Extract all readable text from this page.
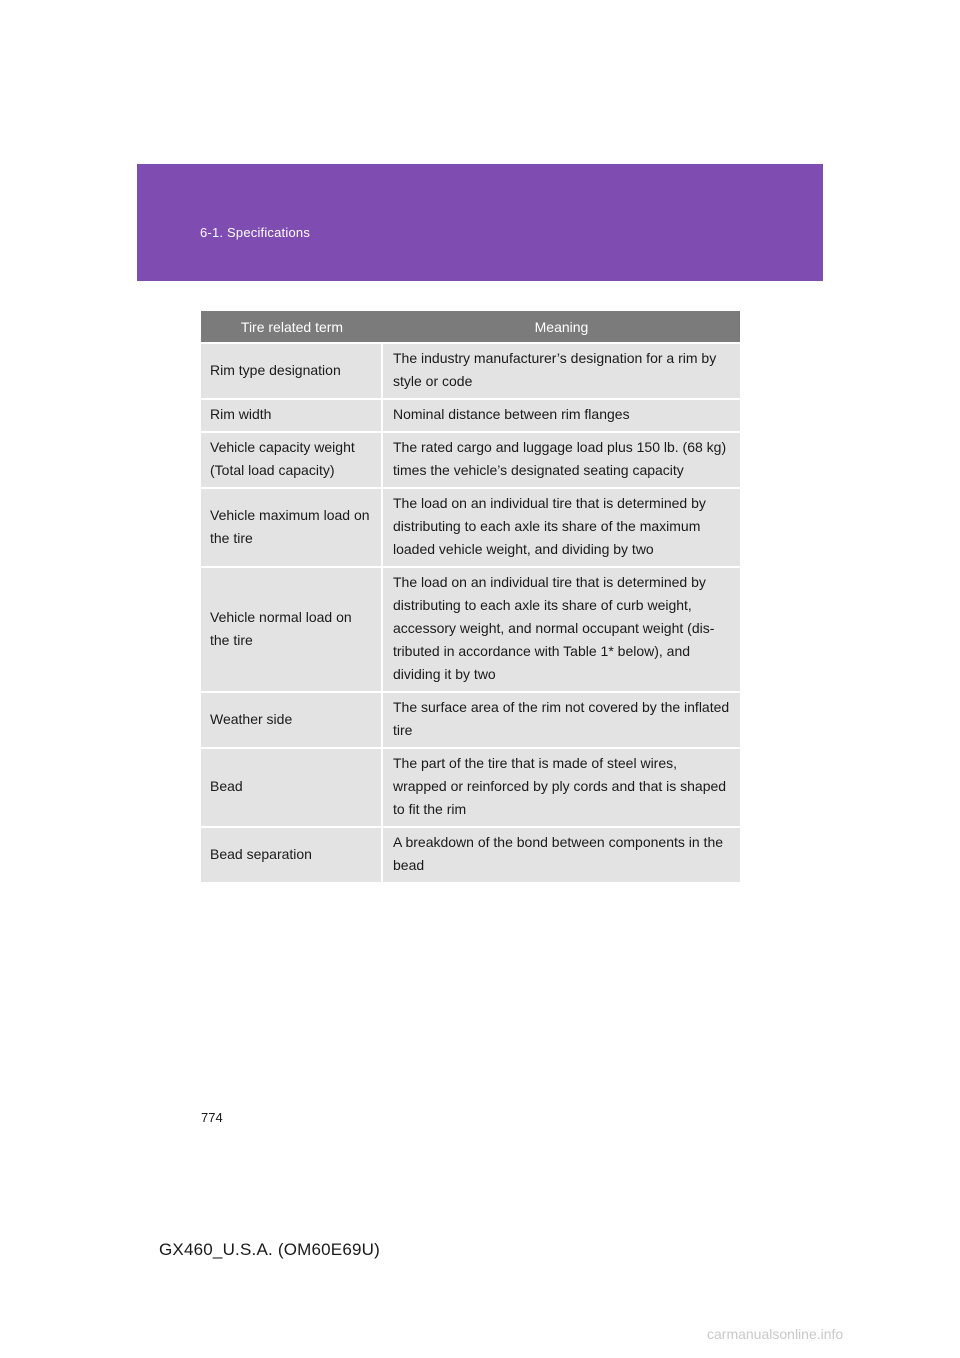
6-1. Specifications
Tire related term	Meaning
Rim type designation	The industry manufacturer’s designation for a rim by style or code
Rim width	Nominal distance between rim flanges
Vehicle capacity weight (Total load capacity)	The rated cargo and luggage load plus 150 lb. (68 kg) times the vehicle’s designated seating capacity
Vehicle maximum load on the tire	The load on an individual tire that is determined by distributing to each axle its share of the maximum loaded vehicle weight, and dividing by two
Vehicle normal load on the tire	The load on an individual tire that is determined by distributing to each axle its share of curb weight, accessory weight, and normal occupant weight (dis-tributed in accordance with Table 1* below), and dividing it by two
Weather side	The surface area of the rim not covered by the inflated tire
Bead	The part of the tire that is made of steel wires, wrapped or reinforced by ply cords and that is shaped to fit the rim
Bead separation	A breakdown of the bond between components in the bead
774
GX460_U.S.A. (OM60E69U)
carmanualsonline.info
